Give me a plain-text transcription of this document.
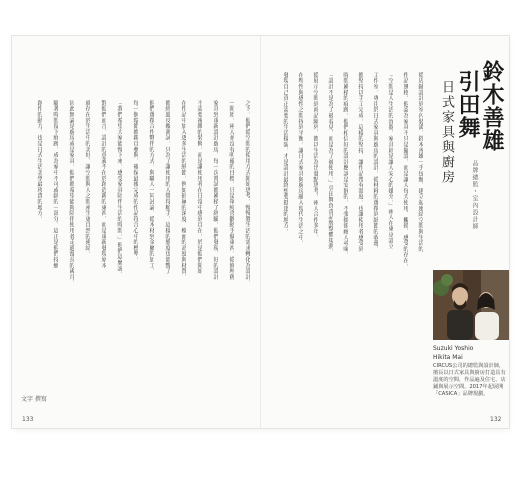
之下，他們從空間的使用方式開始思考，慢慢將生活的需求轉化為設計，
一開始，兩人並沒有明確的目標，只是單純喜歡動手做東西，從修理舊
家具到重新設計廚房，每一次嘗試都累積了經驗。他們發現，好的設計
不需要複雜的裝飾，而是讓使用者在日常中感到自在。於是他們開始
在作品中加入更多生活的細節，例如抽屜的深度、檯面的高度與材質，
都經過反覆測試，只為了讓使用的人覺得順手。這樣的態度也影響了
他們選擇合作夥伴的方式，與職人一同討論，從木材到金屬的加工，
每一個環節都親自參與，確保最後完成的作品符合心中的標準。
「我們希望大家能慢下來，感受家具陪伴生活的時間。」他們這麼說。
對他們而言，設計的意義不在於創造新的東西，而是重新發現原本
就存在於生活中的美好，讓空間與人之間產生更自然的連結。
因此無論是廚房或是家具，他們都希望能夠陪伴使用者走過漫長的歲月，
隨著時間留下痕跡，成為家中不可或缺的一部分，這正是他們持續
創作的動力，也是日式生活美學最珍貴的地方。
文字 撰寫
從店鋪設計到室內裝潢，鈴木善雄一手包辦，建立起連結空間與生活的
作品風格。他認為家具不只是擺設，而是讓人每天使用、觸摸、感受的存在。
「空間是人生活的容器，家具則是讓人安心的媒介。」兩人在東京設立
工作室，專注於日式家具與廚房的設計，從材料的選擇到細節的收邊，
都堅持以手工完成。這樣的堅持，讓作品帶有溫度，也讓使用者感受到
時間累積的痕跡。他們相信好的設計應該是安靜的，不張揚卻耐人尋味，
「設計不是為了被看見，而是為了被使用。」引田舞負責品牌整體規劃，
從展示空間到商品陳列，都以生活為出發點思考。兩人合作多年，
在理性與感性之間找到平衡，讓日式家具與廚房融入現代生活之中。
發現自己真正需要的生活樣貌，才是設計最終想要抵達的地方。	鈴木善雄
引田舞
品牌總監・室內設計師
日式家具與廚房
Suzuki Yoshio
Hikita Mai
CIRCUS公司的總監與設計師，擅長以日式家具與廚房打造具有溫度的空間，作品遍及住宅、店鋪與展示空間，2017年起展開「CASICA」品牌規劃。
133	132
